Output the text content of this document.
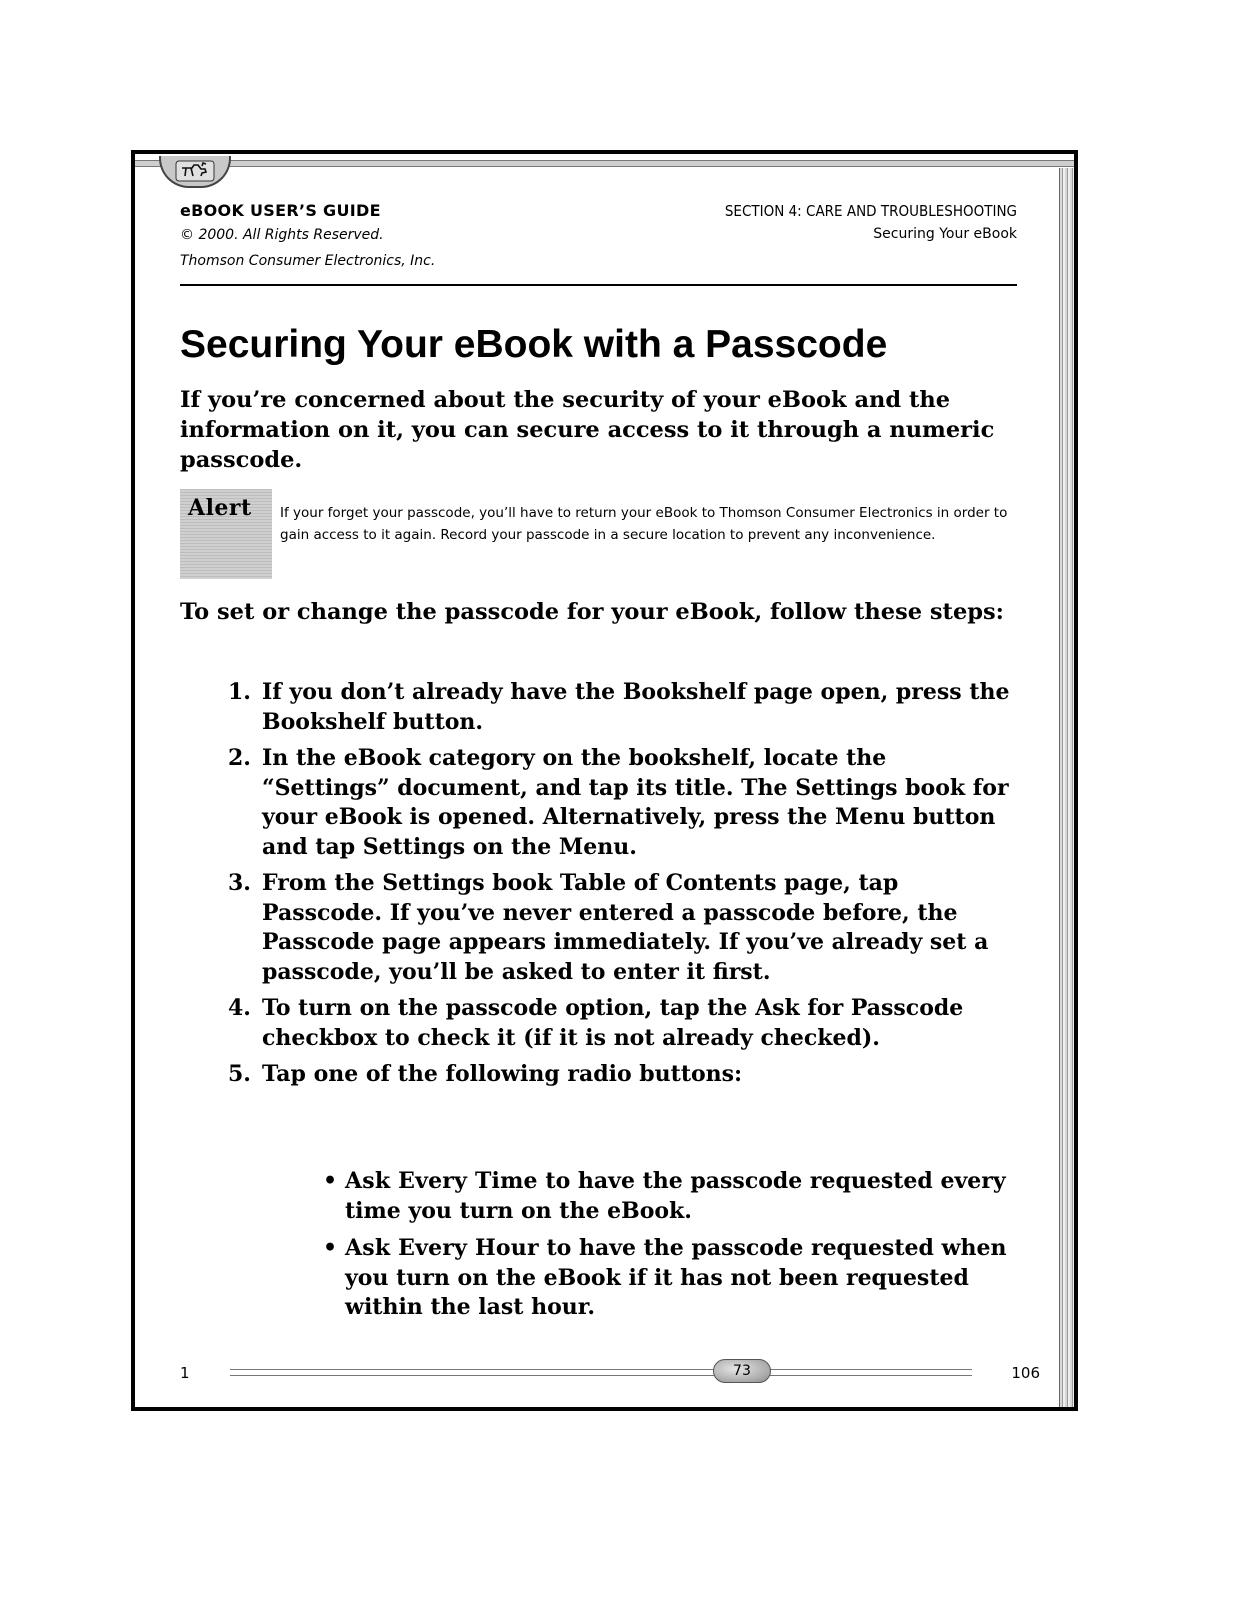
eBOOK USER’S GUIDE
© 2000. All Rights Reserved.
Thomson Consumer Electronics, Inc.
SECTION 4: CARE AND TROUBLESHOOTING
Securing Your eBook
Securing Your eBook with a Passcode
If you’re concerned about the security of your eBook and the information on it, you can secure access to it through a numeric passcode.
Alert If your forget your passcode, you’ll have to return your eBook to Thomson Consumer Electronics in order to gain access to it again. Record your passcode in a secure location to prevent any inconvenience.
To set or change the passcode for your eBook, follow these steps:
1. If you don’t already have the Bookshelf page open, press the Bookshelf button.
2. In the eBook category on the bookshelf, locate the “Settings” document, and tap its title. The Settings book for your eBook is opened. Alternatively, press the Menu button and tap Settings on the Menu.
3. From the Settings book Table of Contents page, tap Passcode. If you’ve never entered a passcode before, the Passcode page appears immediately. If you’ve already set a passcode, you’ll be asked to enter it first.
4. To turn on the passcode option, tap the Ask for Passcode checkbox to check it (if it is not already checked).
5. Tap one of the following radio buttons:
• Ask Every Time to have the passcode requested every time you turn on the eBook.
• Ask Every Hour to have the passcode requested when you turn on the eBook if it has not been requested within the last hour.
1	73	106
